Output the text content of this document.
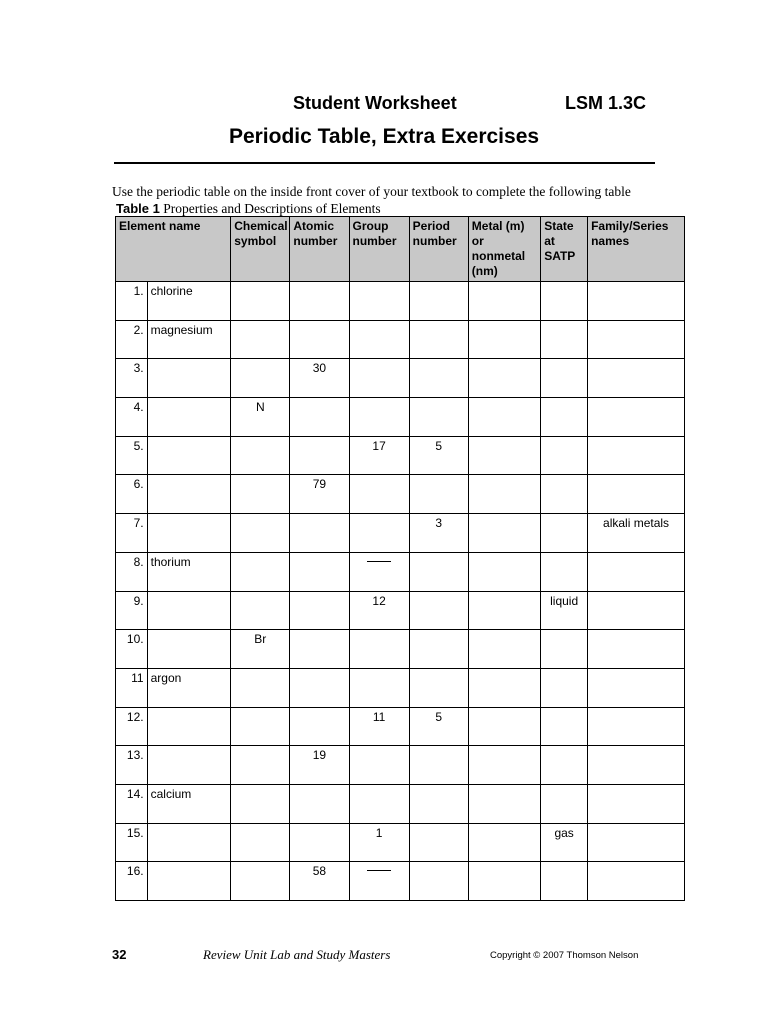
Student Worksheet	LSM 1.3C
Periodic Table, Extra Exercises
Use the periodic table on the inside front cover of your textbook to complete the following table
Table 1 Properties and Descriptions of Elements
Element name		Chemical symbol	Atomic number	Group number	Period number	Metal (m) or nonmetal (nm)	State at SATP	Family/Series names
1.	chlorine							
2.	magnesium							
3.			30					
4.		N						
5.				17	5			
6.			79					
7.					3			alkali metals
8.	thorium							
9.				12			liquid	
10.		Br						
11	argon							
12.				11	5			
13.			19					
14.	calcium							
15.				1			gas	
16.			58					
32	Review Unit Lab and Study Masters	Copyright © 2007 Thomson Nelson
